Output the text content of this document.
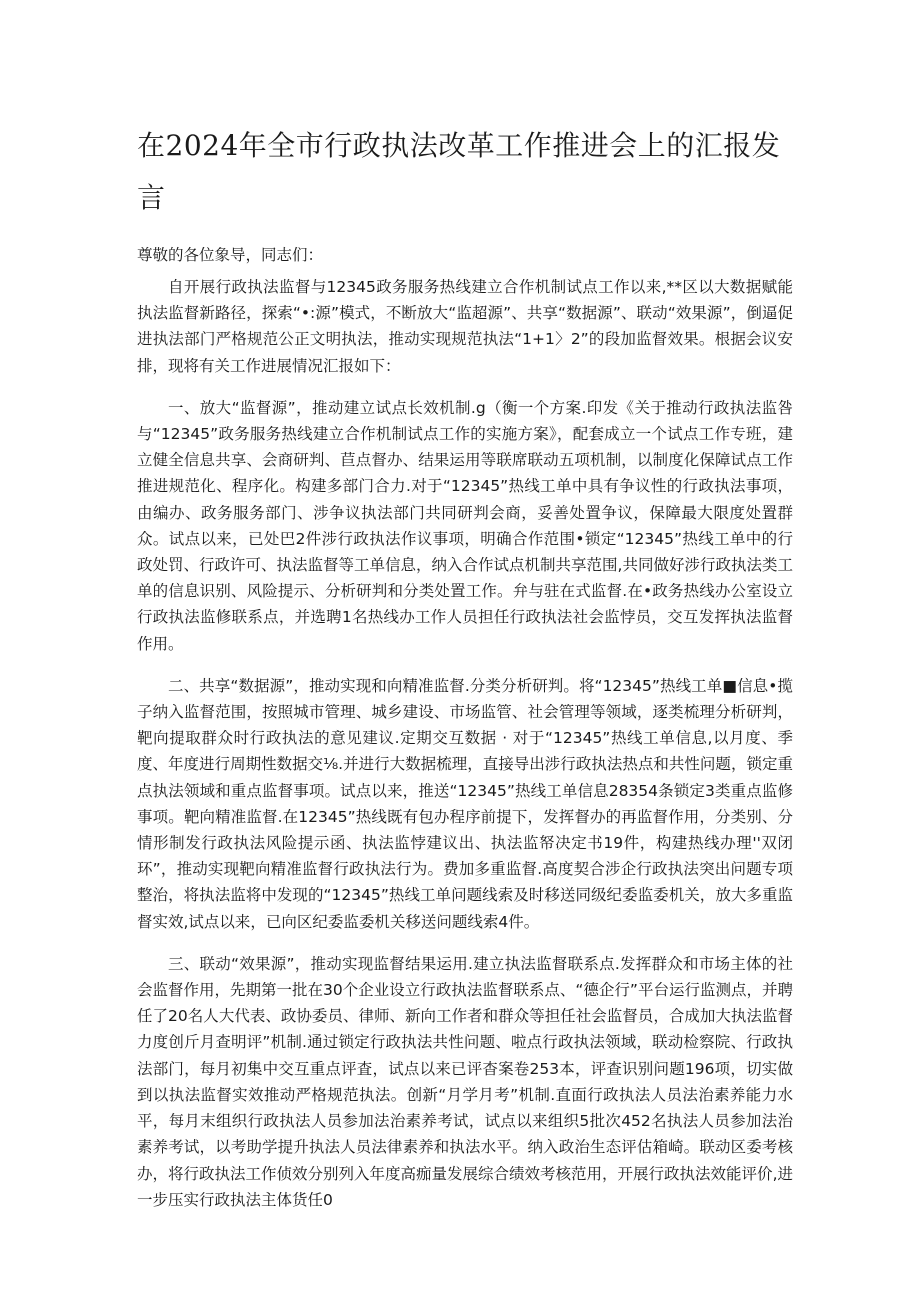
在2024年全市行政执法改革工作推进会上的汇报发言

尊敬的各位象导，同志们：

自开展行政执法监督与12345政务服务热线建立合作机制试点工作以来,**区以大数据赋能执法监督新路径，探索“•:源”模式，不断放大“监超源”、共享“数据源”、联动“效果源”，倒逼促进执法部门严格规范公正文明执法，推动实现规范执法“1+1〉2”的段加监督效果。根据会议安排，现将有关工作进展情况汇报如下：

一、放大“监督源”，推动建立试点长效机制.g（衡一个方案.印发《关于推动行政执法监咎与“12345”政务服务热线建立合作机制试点工作的实施方案》，配套成立一个试点工作专班，建立健全信息共享、会商研判、苣点督办、结果运用等联席联动五项机制，以制度化保障试点工作推进规范化、程序化。构建多部门合力.对于“12345”热线工单中具有争议性的行政执法事项，由编办、政务服务部门、涉争议执法部门共同研判会商，妥善处置争议，保障最大限度处置群众。试点以来，已处巴2件涉行政执法作议事项，明确合作范围•锁定“12345”热线工单中的行政处罚、行政许可、执法监督等工单信息，纳入合作试点机制共享范围,共同做好涉行政执法类工单的信息识别、风险提示、分析研判和分类处置工作。弁与驻在式监督.在•政务热线办公室设立行政执法监修联系点，并选聘1名热线办工作人员担任行政执法社会监悖员，交互发挥执法监督作用。

二、共享“数据源”，推动实现和向精准监督.分类分析研判。将“12345”热线工单■信息•揽子纳入监督范围，按照城市管理、城乡建设、市场监管、社会管理等领域，逐类梳理分析研判，靶向提取群众时行政执法的意见建议.定期交互数据 · 对于“12345”热线工单信息,以月度、季度、年度进行周期性数据交⅛.并进行大数据梳理，直接导出涉行政执法热点和共性问题，锁定重点执法领域和重点监督事项。试点以来，推送“12345”热线工单信息28354条锁定3类重点监修事项。靶向精准监督.在12345”热线既有包办程序前提下，发挥督办的再监督作用，分类别、分情形制发行政执法风险提示函、执法监悖建议出、执法监帑决定书19件，构建热线办理''双闭环”，推动实现靶向精准监督行政执法行为。费加多重监督.高度契合涉企行政执法突出问题专项整治，将执法监将中发现的“12345”热线工单问题线索及时移送同级纪委监委机关，放大多重监督实效,试点以来，已向区纪委监委机关移送问题线索4件。

三、联动“效果源”，推动实现监督结果运用.建立执法监督联系点.发挥群众和市场主体的社会监督作用，先期第一批在30个企业设立行政执法监督联系点、“德企行”平台运行监测点，并聘任了20名人大代表、政协委员、律师、新向工作者和群众等担任社会监督员，合成加大执法监督力度创斤月查明评”机制.通过锁定行政执法共性问题、啦点行政执法领域，联动检察院、行政执法部门，每月初集中交互重点评査，试点以来已评杳案卷253本，评查识别问题196项，切实做到以执法监督实效推动严格规范执法。创新“月学月考”机制.直面行政执法人员法治素养能力水平，每月末组织行政执法人员参加法治素养考试，试点以来组织5批次452名执法人员参加法治素养考试，以考助学提升执法人员法律素养和执法水平。纳入政治生态评估箱崎。联动区委考核办，将行政执法工作侦效分别列入年度高痂量发展综合绩效考核范用，开展行政执法效能评价,进一步压实行政执法主体货任0
